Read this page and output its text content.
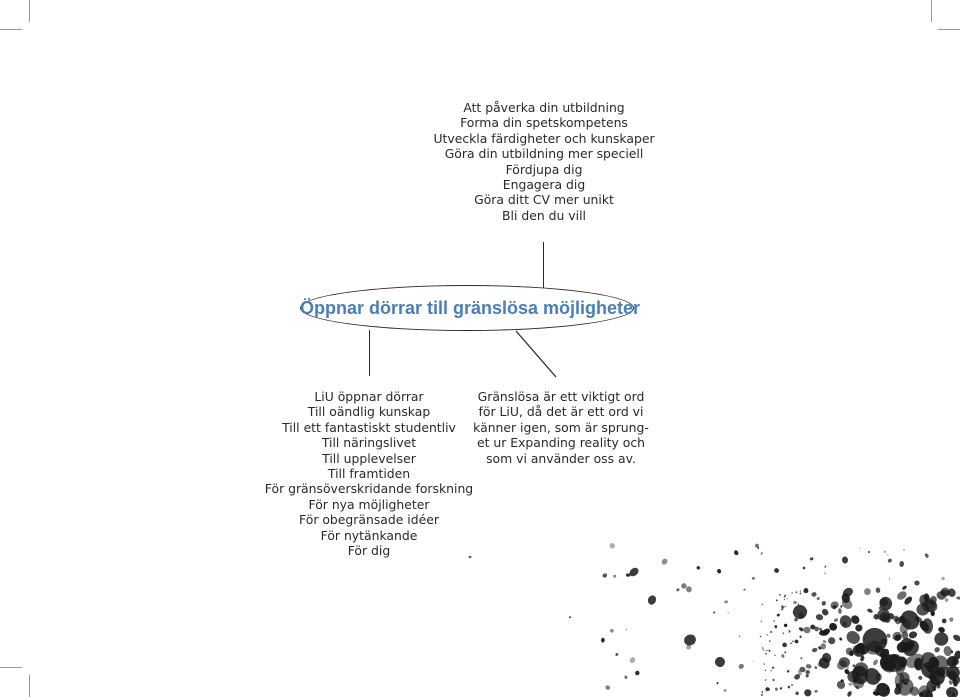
Att påverka din utbildning
Forma din spetskompetens
Utveckla färdigheter och kunskaper
Göra din utbildning mer speciell
Fördjupa dig
Engagera dig
Göra ditt CV mer unikt
Bli den du vill
Öppnar dörrar till gränslösa möjligheter
LiU öppnar dörrar
Till oändlig kunskap
Till ett fantastiskt studentliv
Till näringslivet
Till upplevelser
Till framtiden
För gränsöverskridande forskning
För nya möjligheter
För obegränsade idéer
För nytänkande
För dig
Gränslösa är ett viktigt ord
för LiU, då det är ett ord vi
känner igen, som är sprung-
et ur Expanding reality och
som vi använder oss av.
